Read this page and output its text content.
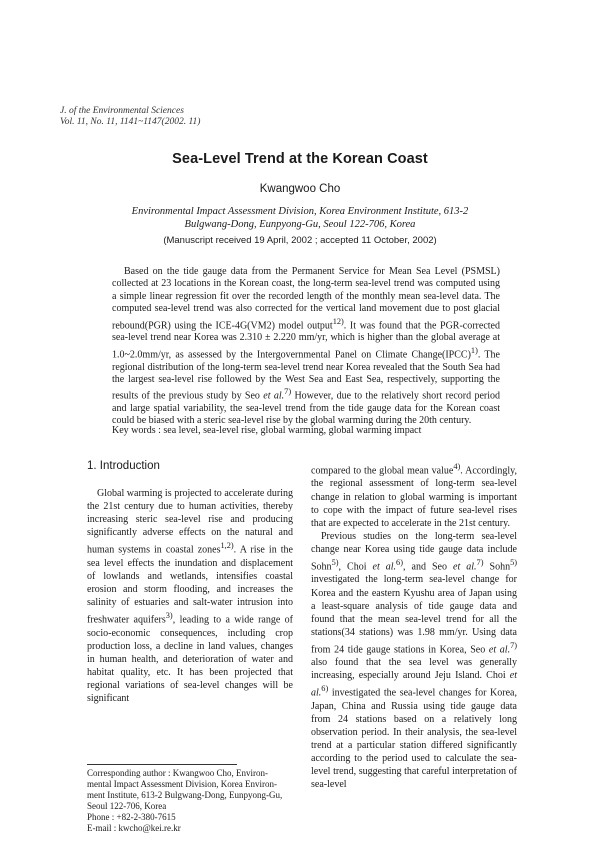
J. of the Environmental Sciences
Vol. 11, No. 11, 1141~1147(2002. 11)
Sea-Level Trend at the Korean Coast
Kwangwoo Cho
Environmental Impact Assessment Division, Korea Environment Institute, 613-2
Bulgwang-Dong, Eunpyong-Gu, Seoul 122-706, Korea
(Manuscript received 19 April, 2002 ; accepted 11 October, 2002)

Based on the tide gauge data from the Permanent Service for Mean Sea Level (PSMSL) collected at 23 locations in the Korean coast, the long-term sea-level trend was computed using a simple linear regression fit over the recorded length of the monthly mean sea-level data. The computed sea-level trend was also corrected for the vertical land movement due to post glacial rebound(PGR) using the ICE-4G(VM2) model output$^{12)}$. It was found that the PGR-corrected sea-level trend near Korea was 2.310 ± 2.220 mm/yr, which is higher than the global average at 1.0~2.0mm/yr, as assessed by the Intergovernmental Panel on Climate Change(IPCC)$^{1)}$. The regional distribution of the long-term sea-level trend near Korea revealed that the South Sea had the largest sea-level rise followed by the West Sea and East Sea, respectively, supporting the results of the previous study by Seo et al.$^{7)}$ However, due to the relatively short record period and large spatial variability, the sea-level trend from the tide gauge data for the Korean coast could be biased with a steric sea-level rise by the global warming during the 20th century.

Key words : sea level, sea-level rise, global warming, global warming impact
1. Introduction

Global warming is projected to accelerate during the 21st century due to human activities, thereby increasing steric sea-level rise and producing significantly adverse effects on the natural and human systems in coastal zones$^{1,2)}$. A rise in the sea level effects the inundation and displacement of lowlands and wetlands, intensifies coastal erosion and storm flooding, and increases the salinity of estuaries and salt-water intrusion into freshwater aquifers$^{3)}$, leading to a wide range of socio-economic consequences, including crop production loss, a decline in land values, changes in human health, and deterioration of water and habitat quality, etc. It has been projected that regional variations of sea-level changes will be significant

compared to the global mean value$^{4)}$. Accordingly, the regional assessment of long-term sea-level change in relation to global warming is important to cope with the impact of future sea-level rises that are expected to accelerate in the 21st century.

Previous studies on the long-term sea-level change near Korea using tide gauge data include Sohn$^{5)}$, Choi et al.$^{6)}$, and Seo et al.$^{7)}$ Sohn$^{5)}$ investigated the long-term sea-level change for Korea and the eastern Kyushu area of Japan using a least-square analysis of tide gauge data and found that the mean sea-level trend for all the stations(34 stations) was 1.98 mm/yr. Using data from 24 tide gauge stations in Korea, Seo et al.$^{7)}$ also found that the sea level was generally increasing, especially around Jeju Island. Choi et al.$^{6)}$ investigated the sea-level changes for Korea, Japan, China and Russia using tide gauge data from 24 stations based on a relatively long observation period. In their analysis, the sea-level trend at a particular station differed significantly according to the period used to calculate the sea- level trend, suggesting that careful interpretation of sea-level

Corresponding author : Kwangwoo Cho, Environ-
mental Impact Assessment Division, Korea Environ-
ment Institute, 613-2 Bulgwang-Dong, Eunpyong-Gu,
Seoul 122-706, Korea
Phone : +82-2-380-7615
E-mail : kwcho@kei.re.kr
